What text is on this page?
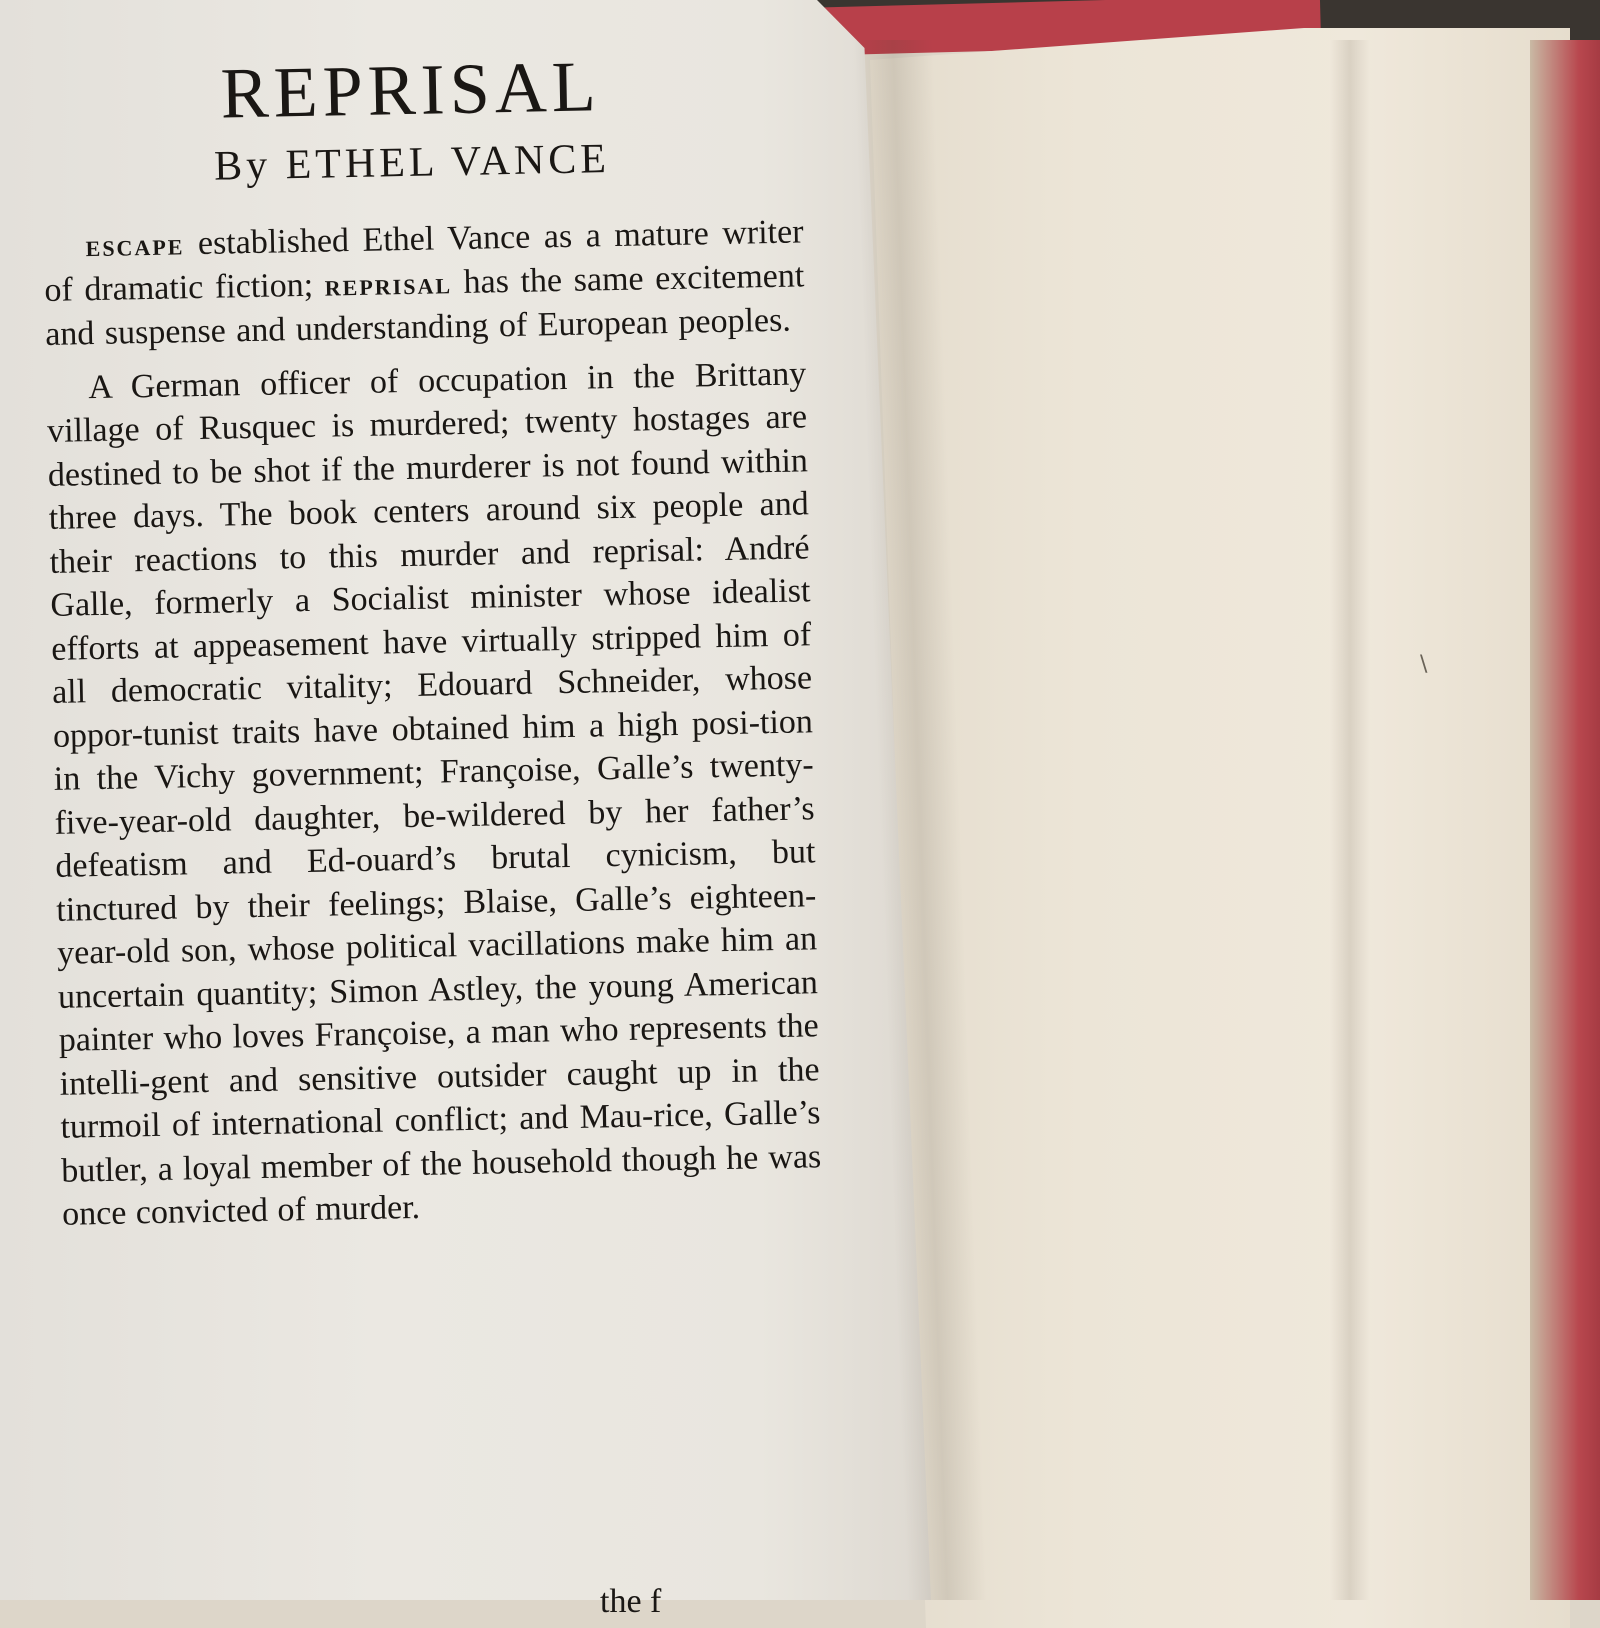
\
REPRISAL
By ETHEL VANCE

ESCAPE established Ethel Vance as a mature writer of dramatic fiction; REPRISAL has the same excitement and suspense and understanding of European peoples.

A German officer of occupation in the Brittany village of Rusquec is murdered; twenty hostages are destined to be shot if the murderer is not found within three days. The book centers around six people and their reactions to this murder and reprisal: André Galle, formerly a Socialist minister whose idealist efforts at appeasement have virtually stripped him of all democratic vitality; Edouard Schneider, whose oppor-tunist traits have obtained him a high posi-tion in the Vichy government; Françoise, Galle’s twenty-five-year-old daughter, be-wildered by her father’s defeatism and Ed-ouard’s brutal cynicism, but tinctured by their feelings; Blaise, Galle’s eighteen-year-old son, whose political vacillations make him an uncertain quantity; Simon Astley, the young American painter who loves Françoise, a man who represents the intelli-gent and sensitive outsider caught up in the turmoil of international conflict; and Mau-rice, Galle’s butler, a loyal member of the household though he was once convicted of murder.

the f
